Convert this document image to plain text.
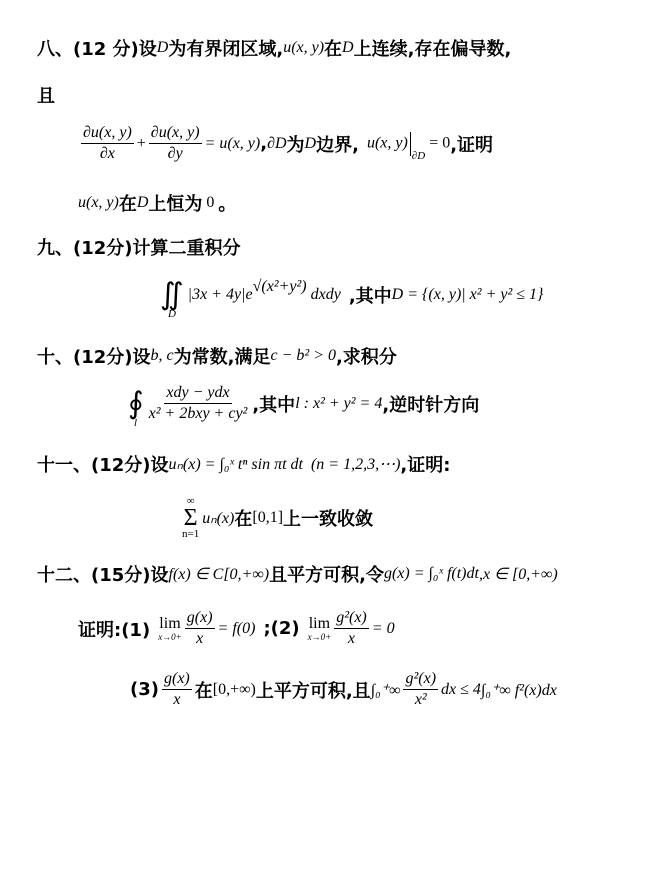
八、(12 分)设 D 为有界闭区域, u(x, y) 在 D 上连续,存在偏导数,
且
$\frac{\partial u(x, y)}{\partial x} + \frac{\partial u(x, y)}{\partial y} = u(x$, y) , ∂D 为 D 边界, u(x, $y)_{\partial D} = 0$ ,证明
u(x, y) 在 D 上恒为 0 。
九、(12分)计算二重积分
∬
D
$|3x + 4y|e^{√(x^2+y^2)}$ dxdy ,其中 D = {(x, y)| x² + y² ≤ 1}
十、(12分)设 b, c 为常数,满足 c − b² > 0 ,求积分
∮
l $\frac{\text{xdy − ydx}}{\text{x² + 2bxy + cy²}}$ ,其中 l : x² + y² = 4 ,逆时针方向
十一、(12分)设 uₙ(x) = ∫₀ˣ tⁿ sin πt dt (n = 1,2,3,⋯) ,证明:
∞
Σ
n=1
uₙ(x) 在 [0,1] 上一致收敛
十二、(15分)设 f(x) ∈ C[0,+∞) 且平方可积,令 g(x) = ∫₀ˣ f(t)dt ,x ∈ [0,+∞)
证明:(1) lim
$x\to 0+ \frac{g(x)}{x} = f(0)$ ;(2) lim
$x\to 0+ \frac{\text{g²(x)}}{x} = 0$
$(3) \frac{g(x)}{x}$ 在 [0,+∞) 上平方可积,且 $\int_0^+\infty \frac{\text{g²(x)}}{\text{x²}}$ dx ≤ 4 ∫₀⁺∞ f²(x)dx
